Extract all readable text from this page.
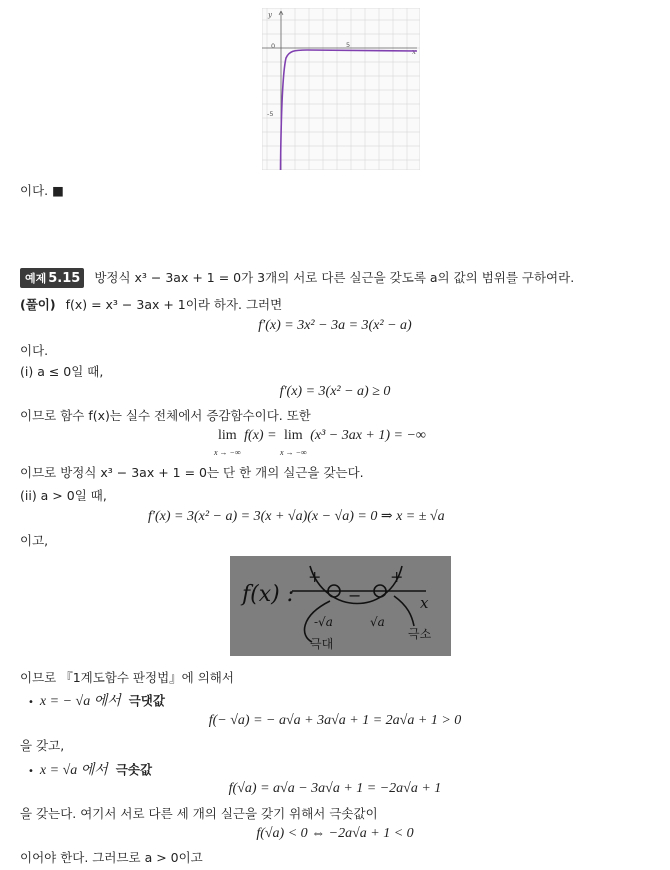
y
x
0	5
-5
이다. ■
예제 5.15 방정식 x³ − 3ax + 1 = 0가 3개의 서로 다른 실근을 갖도록 a의 값의 범위를 구하여라.
(풀이) f(x) = x³ − 3ax + 1이라 하자. 그러면
f′(x) = 3x² − 3a = 3(x² − a)
이다.
(i) a ≤ 0일 때,
f′(x) = 3(x² − a) ≥ 0
이므로 함수 f(x)는 실수 전체에서 증감함수이다. 또한
lim
x → −∞ f(x) = lim
x → −∞ (x³ − 3ax + 1) = −∞
이므로 방정식 x³ − 3ax + 1 = 0는 단 한 개의 실근을 갖는다.
(ii) a > 0일 때,
f′(x) = 3(x² − a) = 3(x + √a)(x − √a) = 0 ⇒ x = ± √a
이고,
f(x) :
+
−
+
-√a	√a
x
극대
극소
이므로 『1계도함수 판정법』에 의해서
• x = − √a 에서 극댓값
f(− √a) = − a√a + 3a√a + 1 = 2a√a + 1 > 0
을 갖고,
• x = √a 에서 극솟값
f(√a) = a√a − 3a√a + 1 = −2a√a + 1
을 갖는다. 여기서 서로 다른 세 개의 실근을 갖기 위해서 극솟값이
f(√a) < 0 ⇔ −2a√a + 1 < 0
이어야 한다. 그러므로 a > 0이고
